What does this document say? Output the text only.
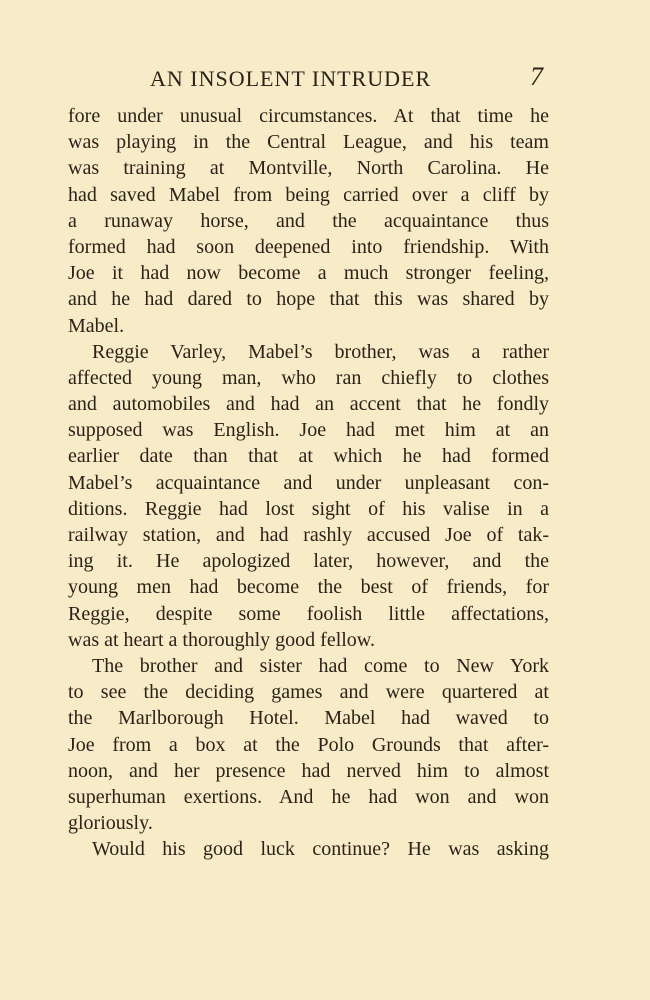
AN INSOLENT INTRUDER	7
fore under unusual circumstances. At that time he
was playing in the Central League, and his team
was training at Montville, North Carolina. He
had saved Mabel from being carried over a cliff by
a runaway horse, and the acquaintance thus
formed had soon deepened into friendship. With
Joe it had now become a much stronger feeling,
and he had dared to hope that this was shared by
Mabel.
Reggie Varley, Mabel’s brother, was a rather
affected young man, who ran chiefly to clothes
and automobiles and had an accent that he fondly
supposed was English. Joe had met him at an
earlier date than that at which he had formed
Mabel’s acquaintance and under unpleasant con-
ditions. Reggie had lost sight of his valise in a
railway station, and had rashly accused Joe of tak-
ing it. He apologized later, however, and the
young men had become the best of friends, for
Reggie, despite some foolish little affectations,
was at heart a thoroughly good fellow.
The brother and sister had come to New York
to see the deciding games and were quartered at
the Marlborough Hotel. Mabel had waved to
Joe from a box at the Polo Grounds that after-
noon, and her presence had nerved him to almost
superhuman exertions. And he had won and won
gloriously.
Would his good luck continue? He was asking
